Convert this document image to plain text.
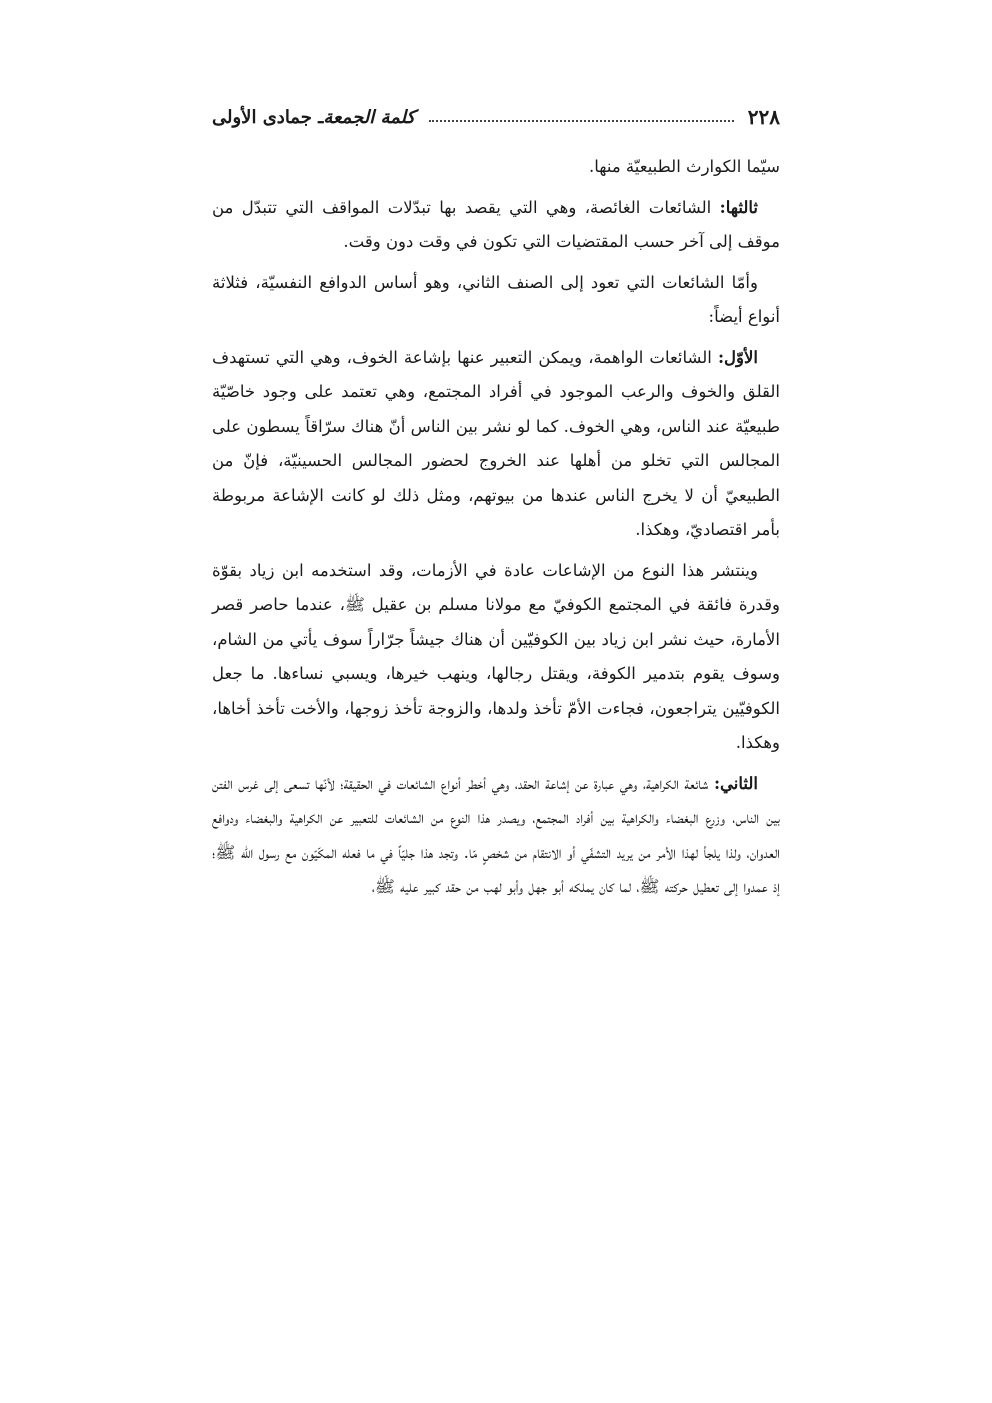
٢٢٨
كلمة الجمعةـ جمادى الأولى

سيّما الكوارث الطبيعيّة منها.

ثالثها: الشائعات الغائصة، وهي التي يقصد بها تبدّلات المواقف التي تتبدّل من موقف إلى آخر حسب المقتضيات التي تكون في وقت دون وقت.

وأمّا الشائعات التي تعود إلى الصنف الثاني، وهو أساس الدوافع النفسيّة، فثلاثة أنواع أيضاً:

الأوّل: الشائعات الواهمة، ويمكن التعبير عنها بإشاعة الخوف، وهي التي تستهدف القلق والخوف والرعب الموجود في أفراد المجتمع، وهي تعتمد على وجود خاصّيّة طبيعيّة عند الناس، وهي الخوف. كما لو نشر بين الناس أنّ هناك سرّاقاً يسطون على المجالس التي تخلو من أهلها عند الخروج لحضور المجالس الحسينيّة، فإنّ من الطبيعيّ أن لا يخرج الناس عندها من بيوتهم، ومثل ذلك لو كانت الإشاعة مربوطة بأمر اقتصاديّ، وهكذا.

وينتشر هذا النوع من الإشاعات عادة في الأزمات، وقد استخدمه ابن زياد بقوّة وقدرة فائقة في المجتمع الكوفيّ مع مولانا مسلم بن عقيل ﷺ، عندما حاصر قصر الأمارة، حيث نشر ابن زياد بين الكوفيّين أن هناك جيشاً جرّاراً سوف يأتي من الشام، وسوف يقوم بتدمير الكوفة، ويقتل رجالها، وينهب خيرها، ويسبي نساءها. ما جعل الكوفيّين يتراجعون، فجاءت الأمّ تأخذ ولدها، والزوجة تأخذ زوجها، والأخت تأخذ أخاها، وهكذا.

الثاني: شائعة الكراهية، وهي عبارة عن إشاعة الحقد، وهي أخطر أنواع الشائعات في الحقيقة؛ لأنّها تسعى إلى غرس الفتن بين الناس، وزرع البغضاء والكراهية بين أفراد المجتمع، ويصدر هذا النوع من الشائعات للتعبير عن الكراهية والبغضاء ودوافع العدوان، ولذا يلجأ لهذا الأمر من يريد التشفّي أو الانتقام من شخصٍ مّا. وتجد هذا جليّاً في ما فعله المكّيّون مع رسول الله ﷺ؛ إذ عمدوا إلى تعطيل حركته ﷺ، لما كان يملكه أبو جهل وأبو لهب من حقد كبير عليه ﷺ،
